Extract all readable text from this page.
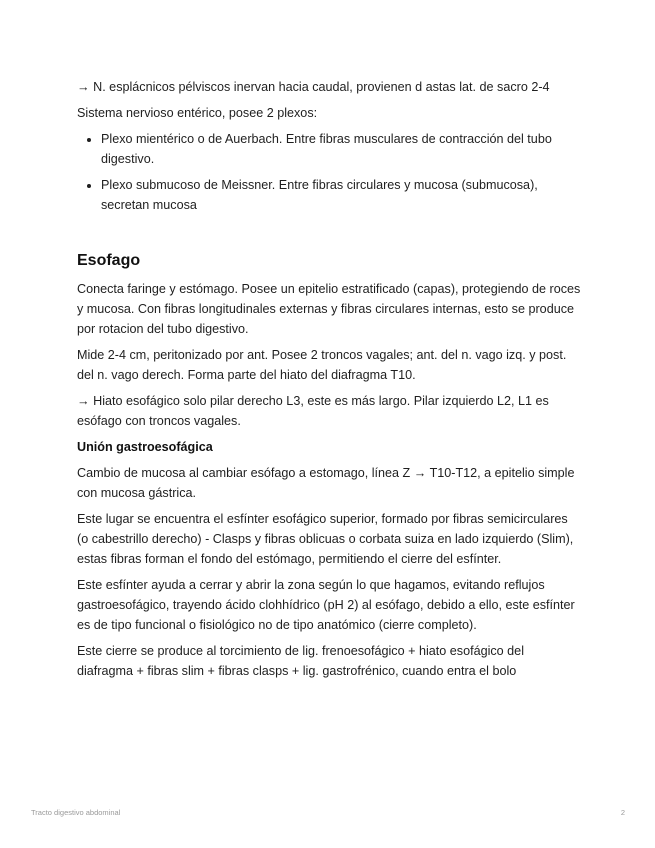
→ N. esplácnicos pélviscos inervan hacia caudal, provienen d astas lat. de sacro 2-4

Sistema nervioso entérico, posee 2 plexos:

• Plexo mientérico o de Auerbach. Entre fibras musculares de contracción del tubo digestivo.
• Plexo submucoso de Meissner. Entre fibras circulares y mucosa (submucosa), secretan mucosa
Esofago

Conecta faringe y estómago. Posee un epitelio estratificado (capas), protegiendo de roces y mucosa. Con fibras longitudinales externas y fibras circulares internas, esto se produce por rotacion del tubo digestivo.

Mide 2-4 cm, peritonizado por ant. Posee 2 troncos vagales; ant. del n. vago izq. y post. del n. vago derech. Forma parte del hiato del diafragma T10.

→ Hiato esofágico solo pilar derecho L3, este es más largo. Pilar izquierdo L2, L1 es esófago con troncos vagales.

Unión gastroesofágica

Cambio de mucosa al cambiar esófago a estomago, línea Z → T10-T12, a epitelio simple con mucosa gástrica.

Este lugar se encuentra el esfínter esofágico superior, formado por fibras semicirculares (o cabestrillo derecho) - Clasps y fibras oblicuas o corbata suiza en lado izquierdo (Slim), estas fibras forman el fondo del estómago, permitiendo el cierre del esfínter.

Este esfínter ayuda a cerrar y abrir la zona según lo que hagamos, evitando reflujos gastroesofágico, trayendo ácido clohhídrico (pH 2) al esófago, debido a ello, este esfínter es de tipo funcional o fisiológico no de tipo anatómico (cierre completo).

Este cierre se produce al torcimiento de lig. frenoesofágico + hiato esofágico del diafragma + fibras slim + fibras clasps + lig. gastrofrénico, cuando entra el bolo

Tracto digestivo abdominal	2
